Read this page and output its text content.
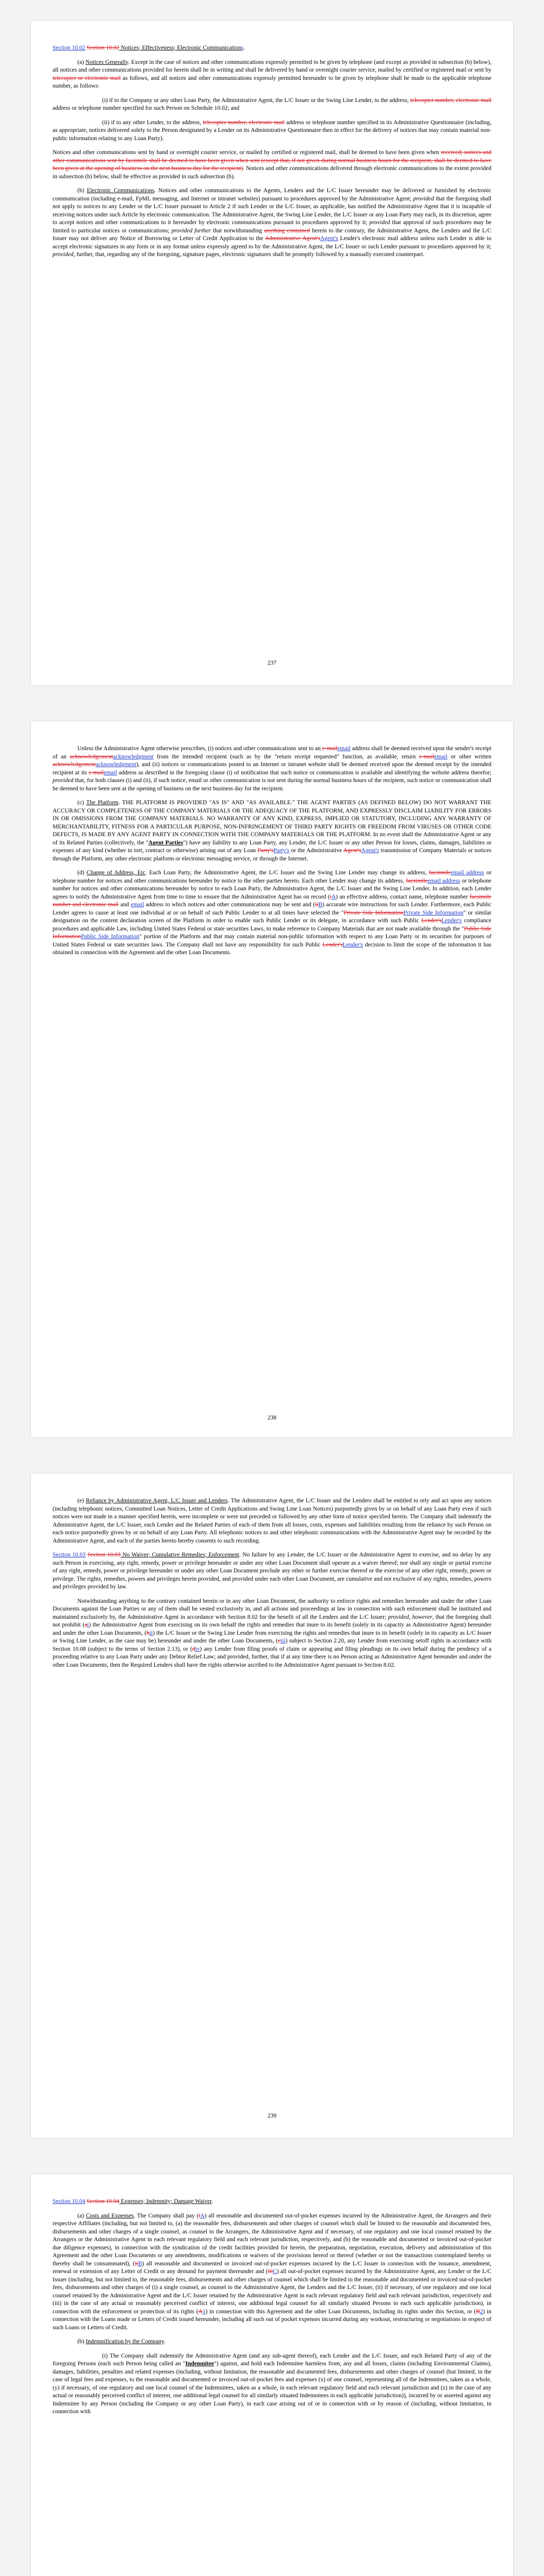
Section 10.02 Section 10.02 Notices; Effectiveness; Electronic Communications.

(a) Notices Generally. Except in the case of notices and other communications expressly permitted to be given by telephone (and except as provided in subsection (b) below), all notices and other communications provided for herein shall be in writing and shall be delivered by hand or overnight courier service, mailed by certified or registered mail or sent by telecopier or electronic mail as follows, and all notices and other communications expressly permitted hereunder to be given by telephone shall be made to the applicable telephone number, as follows:

(i) if to the Company or any other Loan Party, the Administrative Agent, the L/C Issuer or the Swing Line Lender, to the address, telecopier number, electronic mail address or telephone number specified for such Person on Schedule 10.02; and

(ii) if to any other Lender, to the address, telecopier number, electronic mail address or telephone number specified in its Administrative Questionnaire (including, as appropriate, notices delivered solely to the Person designated by a Lender on its Administrative Questionnaire then in effect for the delivery of notices that may contain material non-public information relating to any Loan Party).

Notices and other communications sent by hand or overnight courier service, or mailed by certified or registered mail, shall be deemed to have been given when received; notices and other communications sent by facsimile shall be deemed to have been given when sent (except that, if not given during normal business hours for the recipient, shall be deemed to have been given at the opening of business on the next business day for the recipient). Notices and other communications delivered through electronic communications to the extent provided in subsection (b) below, shall be effective as provided in such subsection (b).

(b) Electronic Communications. Notices and other communications to the Agents, Lenders and the L/C Issuer hereunder may be delivered or furnished by electronic communication (including e-mail, FpML messaging, and Internet or intranet websites) pursuant to procedures approved by the Administrative Agent; provided that the foregoing shall not apply to notices to any Lender or the L/C Issuer pursuant to Article 2 if such Lender or the L/C Issuer, as applicable, has notified the Administrative Agent that it is incapable of receiving notices under such Article by electronic communication. The Administrative Agent, the Swing Line Lender, the L/C Issuer or any Loan Party may each, in its discretion, agree to accept notices and other communications to it hereunder by electronic communications pursuant to procedures approved by it; provided that approval of such procedures may be limited to particular notices or communications; provided further that notwithstanding anything contained herein to the contrary, the Administrative Agent, the Lenders and the L/C Issuer may not deliver any Notice of Borrowing or Letter of Credit Application to the Administrative Agent'sAgent's Lender's electronic mail address unless such Lender is able to accept electronic signatures in any form or in any format unless expressly agreed to by the Administrative Agent, the L/C Issuer or such Lender pursuant to procedures approved by it; provided, further, that, regarding any of the foregoing, signature pages, electronic signatures shall be promptly followed by a manually executed counterpart.

237

Unless the Administrative Agent otherwise prescribes, (i) notices and other communications sent to an e-mailemail address shall be deemed received upon the sender's receipt of an acknowledgementacknowledgment from the intended recipient (such as by the "return receipt requested" function, as available, return e-mailemail or other written acknowledgementacknowledgment), and (ii) notices or communications posted to an Internet or intranet website shall be deemed received upon the deemed receipt by the intended recipient at its e-mailemail address as described in the foregoing clause (i) of notification that such notice or communication is available and identifying the website address therefor; provided that, for both clauses (i) and (ii), if such notice, email or other communication is not sent during the normal business hours of the recipient, such notice or communication shall be deemed to have been sent at the opening of business on the next business day for the recipient.

(c) The Platform. THE PLATFORM IS PROVIDED "AS IS" AND "AS AVAILABLE." THE AGENT PARTIES (AS DEFINED BELOW) DO NOT WARRANT THE ACCURACY OR COMPLETENESS OF THE COMPANY MATERIALS OR THE ADEQUACY OF THE PLATFORM, AND EXPRESSLY DISCLAIM LIABILITY FOR ERRORS IN OR OMISSIONS FROM THE COMPANY MATERIALS. NO WARRANTY OF ANY KIND, EXPRESS, IMPLIED OR STATUTORY, INCLUDING ANY WARRANTY OF MERCHANTABILITY, FITNESS FOR A PARTICULAR PURPOSE, NON-INFRINGEMENT OF THIRD PARTY RIGHTS OR FREEDOM FROM VIRUSES OR OTHER CODE DEFECTS, IS MADE BY ANY AGENT PARTY IN CONNECTION WITH THE COMPANY MATERIALS OR THE PLATFORM. In no event shall the Administrative Agent or any of its Related Parties (collectively, the "Agent Parties") have any liability to any Loan Party, any Lender, the L/C Issuer or any other Person for losses, claims, damages, liabilities or expenses of any kind (whether in tort, contract or otherwise) arising out of any Loan Party'sParty's or the Administrative Agent'sAgent's transmission of Company Materials or notices through the Platform, any other electronic platform or electronic messaging service, or through the Internet.

(d) Change of Address, Etc. Each Loan Party, the Administrative Agent, the L/C Issuer and the Swing Line Lender may change its address, facsimileemail address or telephone number for notices and other communications hereunder by notice to the other parties hereto. Each other Lender may change its address, facsimileemail address or telephone number for notices and other communications hereunder by notice to each Loan Party, the Administrative Agent, the L/C Issuer and the Swing Line Lender. In addition, each Lender agrees to notify the Administrative Agent from time to time to ensure that the Administrative Agent has on record (iA) an effective address, contact name, telephone number facsimile number and electronic mail and email address to which notices and other communications may be sent and (iiB) accurate wire instructions for such Lender. Furthermore, each Public Lender agrees to cause at least one individual at or on behalf of such Public Lender to at all times have selected the "Private Side InformationPrivate Side Information" or similar designation on the content declaration screen of the Platform in order to enable such Public Lender or its delegate, in accordance with such Public Lender'sLender's compliance procedures and applicable Law, including United States Federal or state securities Laws, to make reference to Company Materials that are not made available through the "Public Side InformationPublic Side Information" portion of the Platform and that may contain material non-public information with respect to any Loan Party or its securities for purposes of United States Federal or state securities laws. The Company shall not have any responsibility for such Public Lender'sLender's decision to limit the scope of the information it has obtained in connection with the Agreement and the other Loan Documents.

238

(e) Reliance by Administrative Agent, L/C Issuer and Lenders. The Administrative Agent, the L/C Issuer and the Lenders shall be entitled to rely and act upon any notices (including telephonic notices, Committed Loan Notices, Letter of Credit Applications and Swing Line Loan Notices) purportedly given by or on behalf of any Loan Party even if such notices were not made in a manner specified herein, were incomplete or were not preceded or followed by any other form of notice specified herein. The Company shall indemnify the Administrative Agent, the L/C Issuer, each Lender and the Related Parties of each of them from all losses, costs, expenses and liabilities resulting from the reliance by such Person on each notice purportedly given by or on behalf of any Loan Party. All telephonic notices to and other telephonic communications with the Administrative Agent may be recorded by the Administrative Agent, and each of the parties hereto hereby consents to such recording.

Section 10.03 Section 10.03 No Waiver; Cumulative Remedies; Enforcement. No failure by any Lender, the L/C Issuer or the Administrative Agent to exercise, and no delay by any such Person in exercising, any right, remedy, power or privilege hereunder or under any other Loan Document shall operate as a waiver thereof; nor shall any single or partial exercise of any right, remedy, power or privilege hereunder or under any other Loan Document preclude any other or further exercise thereof or the exercise of any other right, remedy, power or privilege. The rights, remedies, powers and privileges herein provided, and provided under each other Loan Document, are cumulative and not exclusive of any rights, remedies, powers and privileges provided by law.

Notwithstanding anything to the contrary contained herein or in any other Loan Document, the authority to enforce rights and remedies hereunder and under the other Loan Documents against the Loan Parties or any of them shall be vested exclusively in, and all actions and proceedings at law in connection with such enforcement shall be instituted and maintained exclusively by, the Administrative Agent in accordance with Section 8.02 for the benefit of all the Lenders and the L/C Issuer; provided, however, that the foregoing shall not prohibit (ai) the Administrative Agent from exercising on its own behalf the rights and remedies that inure to its benefit (solely in its capacity as Administrative Agent) hereunder and under the other Loan Documents, (bii) the L/C Issuer or the Swing Line Lender from exercising the rights and remedies that inure to its benefit (solely in its capacity as L/C Issuer or Swing Line Lender, as the case may be) hereunder and under the other Loan Documents, (ciii) subject to Section 2.20, any Lender from exercising setoff rights in accordance with Section 10.08 (subject to the terms of Section 2.13), or (div) any Lender from filing proofs of claim or appearing and filing pleadings on its own behalf during the pendency of a proceeding relative to any Loan Party under any Debtor Relief Law; and provided, further, that if at any time there is no Person acting as Administrative Agent hereunder and under the other Loan Documents, then the Required Lenders shall have the rights otherwise ascribed to the Administrative Agent pursuant to Section 8.02.

239

Section 10.04 Section 10.04 Expenses; Indemnity; Damage Waiver.

(a) Costs and Expenses. The Company shall pay (iA) all reasonable and documented out-of-pocket expenses incurred by the Administrative Agent, the Arrangers and their respective Affiliates (including, but not limited to, (a) the reasonable fees, disbursements and other charges of counsel which shall be limited to the reasonable and documented fees, disbursements and other charges of a single counsel, as counsel to the Arrangers, the Administrative Agent and if necessary, of one regulatory and one local counsel retained by the Arrangers or the Administrative Agent in each relevant regulatory field and each relevant jurisdiction, respectively, and (b) the reasonable and documented or invoiced out-of-pocket due diligence expenses), in connection with the syndication of the credit facilities provided for herein, the preparation, negotiation, execution, delivery and administration of this Agreement and the other Loan Documents or any amendments, modifications or waivers of the provisions hereof or thereof (whether or not the transactions contemplated hereby or thereby shall be consummated), (iiB) all reasonable and documented or invoiced out-of-pocket expenses incurred by the L/C Issuer in connection with the issuance, amendment, renewal or extension of any Letter of Credit or any demand for payment thereunder and (iiiC) all out-of-pocket expenses incurred by the Administrative Agent, any Lender or the L/C Issuer (including, but not limited to, the reasonable fees, disbursements and other charges of counsel which shall be limited to the reasonable and documented or invoiced out-of-pocket fees, disbursements and other charges of (i) a single counsel, as counsel to the Administrative Agent, the Lenders and the L/C Issuer, (ii) if necessary, of one regulatory and one local counsel retained by the Administrative Agent and the L/C Issuer retained by the Administrative Agent in each relevant regulatory field and each relevant jurisdiction, respectively and (iii) in the case of any actual or reasonably perceived conflict of interest, one additional legal counsel for all similarly situated Persons in each such applicable jurisdiction), in connection with the enforcement or protection of its rights (A1) in connection with this Agreement and the other Loan Documents, including its rights under this Section, or (B2) in connection with the Loans made or Letters of Credit issued hereunder, including all such out of pocket expenses incurred during any workout, restructuring or negotiations in respect of such Loans or Letters of Credit.

(b) Indemnification by the Company.

(i) The Company shall indemnify the Administrative Agent (and any sub-agent thereof), each Lender and the L/C Issuer, and each Related Party of any of the foregoing Persons (each such Person being called an "Indemnitee") against, and hold each Indemnitee harmless from, any and all losses, claims (including Environmental Claims), damages, liabilities, penalties and related expenses (including, without limitation, the reasonable and documented fees, disbursements and other charges of counsel (but limited, in the case of legal fees and expenses, to the reasonable and documented or invoiced out-of-pocket fees and expenses (x) of one counsel, representing all of the Indemnitees, taken as a whole, (y) if necessary, of one regulatory and one local counsel of the Indemnitees, taken as a whole, in each relevant regulatory field and each relevant jurisdiction and (z) in the case of any actual or reasonably perceived conflict of interest, one additional legal counsel for all similarly situated Indemnitees in each applicable jurisdiction)), incurred by or asserted against any Indemnitee by any Person (including the Company or any other Loan Party), in each case arising out of or in connection with or by reason of (including, without limitation, in connection with
